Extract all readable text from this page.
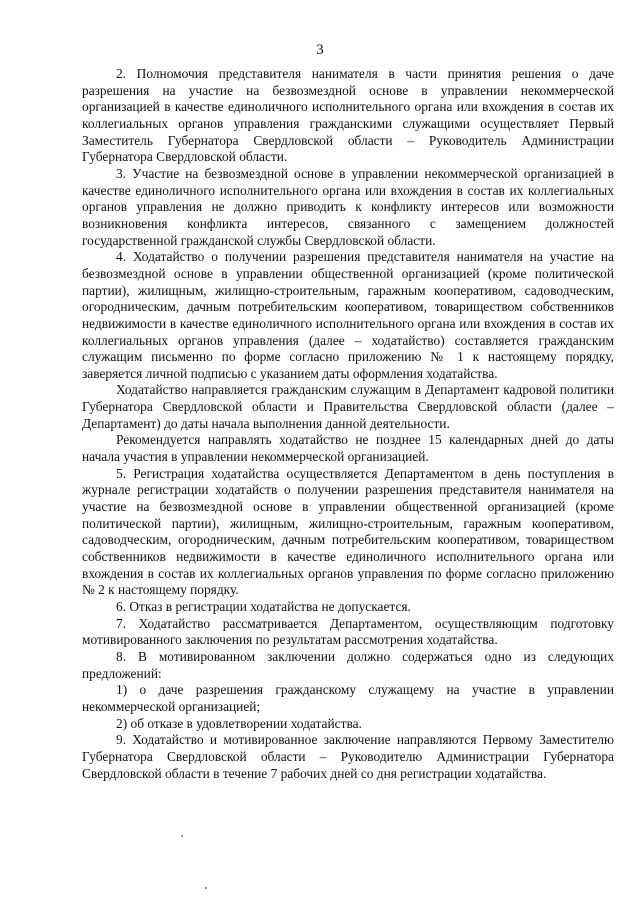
3

2. Полномочия представителя нанимателя в части принятия решения о даче разрешения на участие на безвозмездной основе в управлении некоммерческой организацией в качестве единоличного исполнительного органа или вхождения в состав их коллегиальных органов управления гражданскими служащими осуществляет Первый Заместитель Губернатора Свердловской области – Руководитель Администрации Губернатора Свердловской области.

3. Участие на безвозмездной основе в управлении некоммерческой организацией в качестве единоличного исполнительного органа или вхождения в состав их коллегиальных органов управления не должно приводить к конфликту интересов или возможности возникновения конфликта интересов, связанного с замещением должностей государственной гражданской службы Свердловской области.

4. Ходатайство о получении разрешения представителя нанимателя на участие на безвозмездной основе в управлении общественной организацией (кроме политической партии), жилищным, жилищно-строительным, гаражным кооперативом, садоводческим, огородническим, дачным потребительским кооперативом, товариществом собственников недвижимости в качестве единоличного исполнительного органа или вхождения в состав их коллегиальных органов управления (далее – ходатайство) составляется гражданским служащим письменно по форме согласно приложению № 1 к настоящему порядку, заверяется личной подписью с указанием даты оформления ходатайства.

Ходатайство направляется гражданским служащим в Департамент кадровой политики Губернатора Свердловской области и Правительства Свердловской области (далее – Департамент) до даты начала выполнения данной деятельности.

Рекомендуется направлять ходатайство не позднее 15 календарных дней до даты начала участия в управлении некоммерческой организацией.

5. Регистрация ходатайства осуществляется Департаментом в день поступления в журнале регистрации ходатайств о получении разрешения представителя нанимателя на участие на безвозмездной основе в управлении общественной организацией (кроме политической партии), жилищным, жилищно-строительным, гаражным кооперативом, садоводческим, огородническим, дачным потребительским кооперативом, товариществом собственников недвижимости в качестве единоличного исполнительного органа или вхождения в состав их коллегиальных органов управления по форме согласно приложению № 2 к настоящему порядку.

6. Отказ в регистрации ходатайства не допускается.

7. Ходатайство рассматривается Департаментом, осуществляющим подготовку мотивированного заключения по результатам рассмотрения ходатайства.

8. В мотивированном заключении должно содержаться одно из следующих предложений:

1) о даче разрешения гражданскому служащему на участие в управлении некоммерческой организацией;

2) об отказе в удовлетворении ходатайства.

9. Ходатайство и мотивированное заключение направляются Первому Заместителю Губернатора Свердловской области – Руководителю Администрации Губернатора Свердловской области в течение 7 рабочих дней со дня регистрации ходатайства.
